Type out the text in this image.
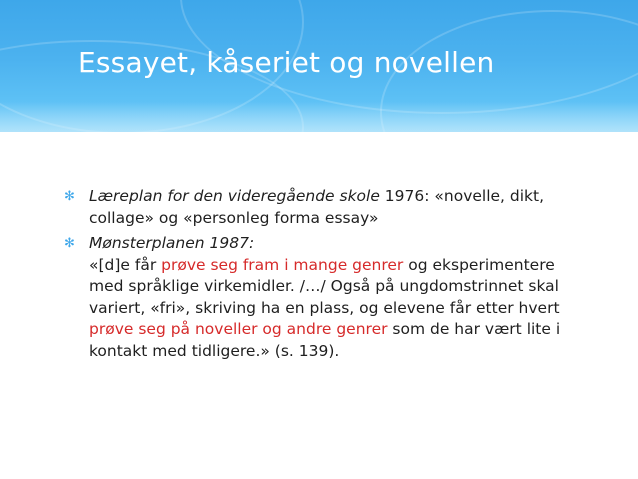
Essayet, kåseriet og novellen
✻ Læreplan for den videregående skole 1976: «novelle, dikt, collage» og «personleg forma essay»
✻ Mønsterplanen 1987:
«[d]e får prøve seg fram i mange genrer og eksperimentere med språklige virkemidler. /…/ Også på ungdomstrinnet skal variert, «fri», skriving ha en plass, og elevene får etter hvert prøve seg på noveller og andre genrer som de har vært lite i kontakt med tidligere.» (s. 139).
